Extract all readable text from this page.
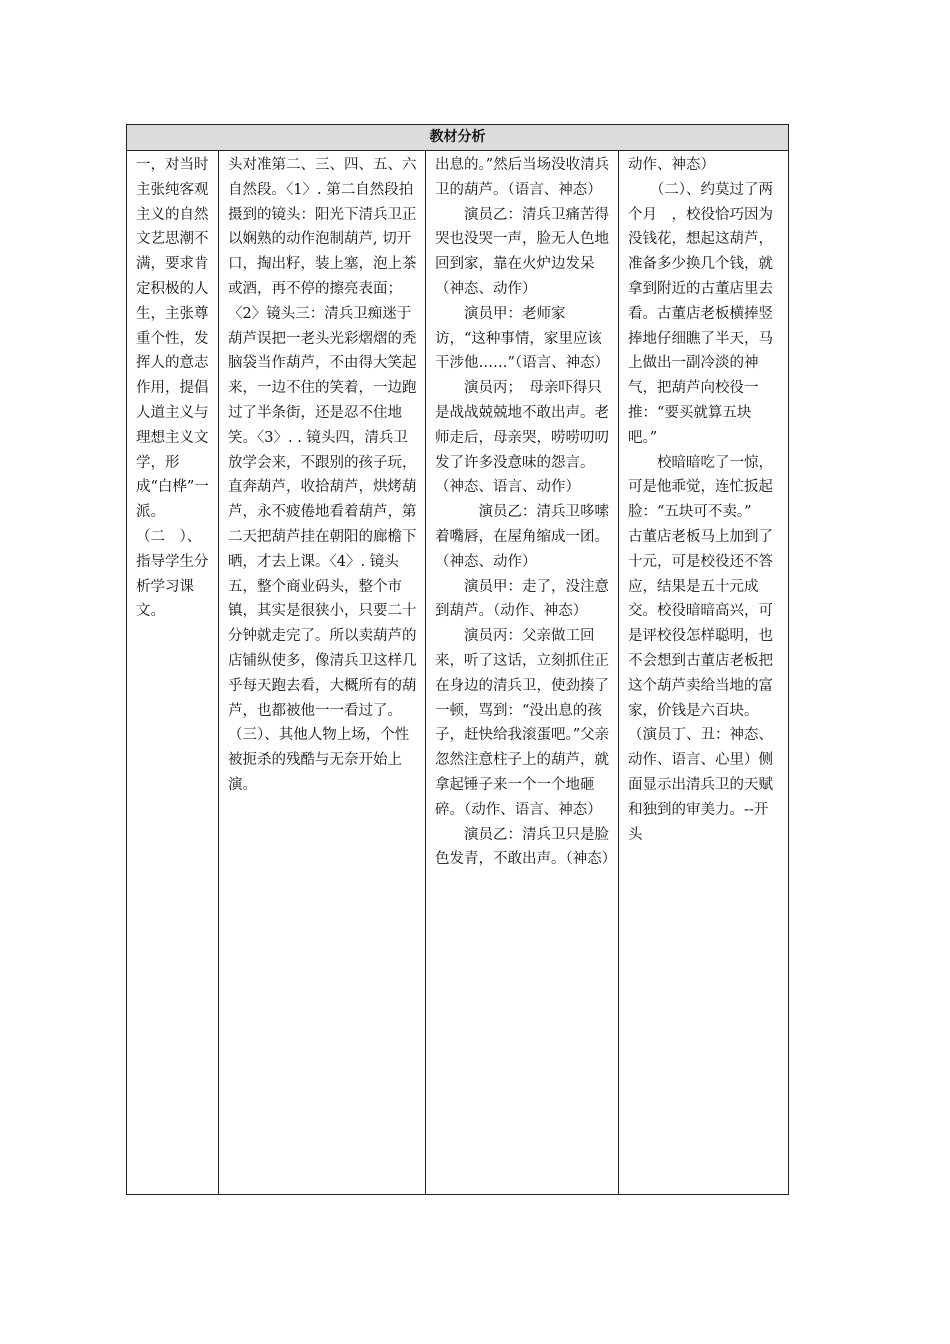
教材分析
一，对当时主张纯客观主义的自然文艺思潮不满，要求肯定积极的人生，主张尊重个性，发挥人的意志作用，提倡人道主义与理想主义文学，形成“白桦”一派。
（二　）、指导学生分析学习课文。
头对准第二、三、四、五、六自然段。〈1〉. 第二自然段拍摄到的镜头：阳光下清兵卫正以娴熟的动作泡制葫芦, 切开口，掏出籽，装上塞，泡上茶或酒，再不停的擦亮表面；〈2〉镜头三：清兵卫痴迷于葫芦误把一老头光彩熠熠的秃脑袋当作葫芦，不由得大笑起来，一边不住的笑着，一边跑过了半条街，还是忍不住地笑。〈3〉. . 镜头四，清兵卫放学会来，不跟别的孩子玩，直奔葫芦，收拾葫芦，烘烤葫芦，永不疲倦地看着葫芦，第二天把葫芦挂在朝阳的廊檐下晒，才去上课。〈4〉. 镜头五，整个商业码头，整个市镇，其实是很狭小，只要二十分钟就走完了。所以卖葫芦的店铺纵使多，像清兵卫这样几乎每天跑去看，大概所有的葫芦，也都被他一一看过了。（三）、其他人物上场，个性被扼杀的残酷与无奈开始上演。
出息的。”然后当场没收清兵卫的葫芦。（语言、神态）
　　演员乙：清兵卫痛苦得哭也没哭一声，脸无人色地回到家，靠在火炉边发呆（神态、动作）
　　演员甲：老师家访，“这种事情，家里应该干涉他……”（语言、神态）
　　演员丙；　母亲吓得只是战战兢兢地不敢出声。老师走后，母亲哭，唠唠叨叨发了许多没意味的怨言。（神态、语言、动作）
　　　演员乙：清兵卫哆嗦着嘴唇，在屋角缩成一团。（神态、动作）
　　演员甲：走了，没注意到葫芦。（动作、神态）
　　演员丙：父亲做工回来，听了这话，立刻抓住正在身边的清兵卫，使劲揍了一顿，骂到：“没出息的孩子，赶快给我滚蛋吧。”父亲忽然注意柱子上的葫芦，就拿起锤子来一个一个地砸碎。（动作、语言、神态）
　　演员乙：清兵卫只是脸色发青，不敢出声。（神态）
动作、神态）
　　（二）、约莫过了两个月　，校役恰巧因为没钱花，想起这葫芦，准备多少换几个钱，就拿到附近的古董店里去看。古董店老板横捧竖捧地仔细瞧了半天，马上做出一副冷淡的神气，把葫芦向校役一推：“要买就算五块吧。”
　　校暗暗吃了一惊，可是他乖觉，连忙扳起脸：“五块可不卖。”　古董店老板马上加到了十元，可是校役还不答应，结果是五十元成交。校役暗暗高兴，可是评校役怎样聪明，也不会想到古董店老板把这个葫芦卖给当地的富家，价钱是六百块。（演员丁、丑：神态、动作、语言、心里）侧面显示出清兵卫的天赋和独到的审美力。--开头
